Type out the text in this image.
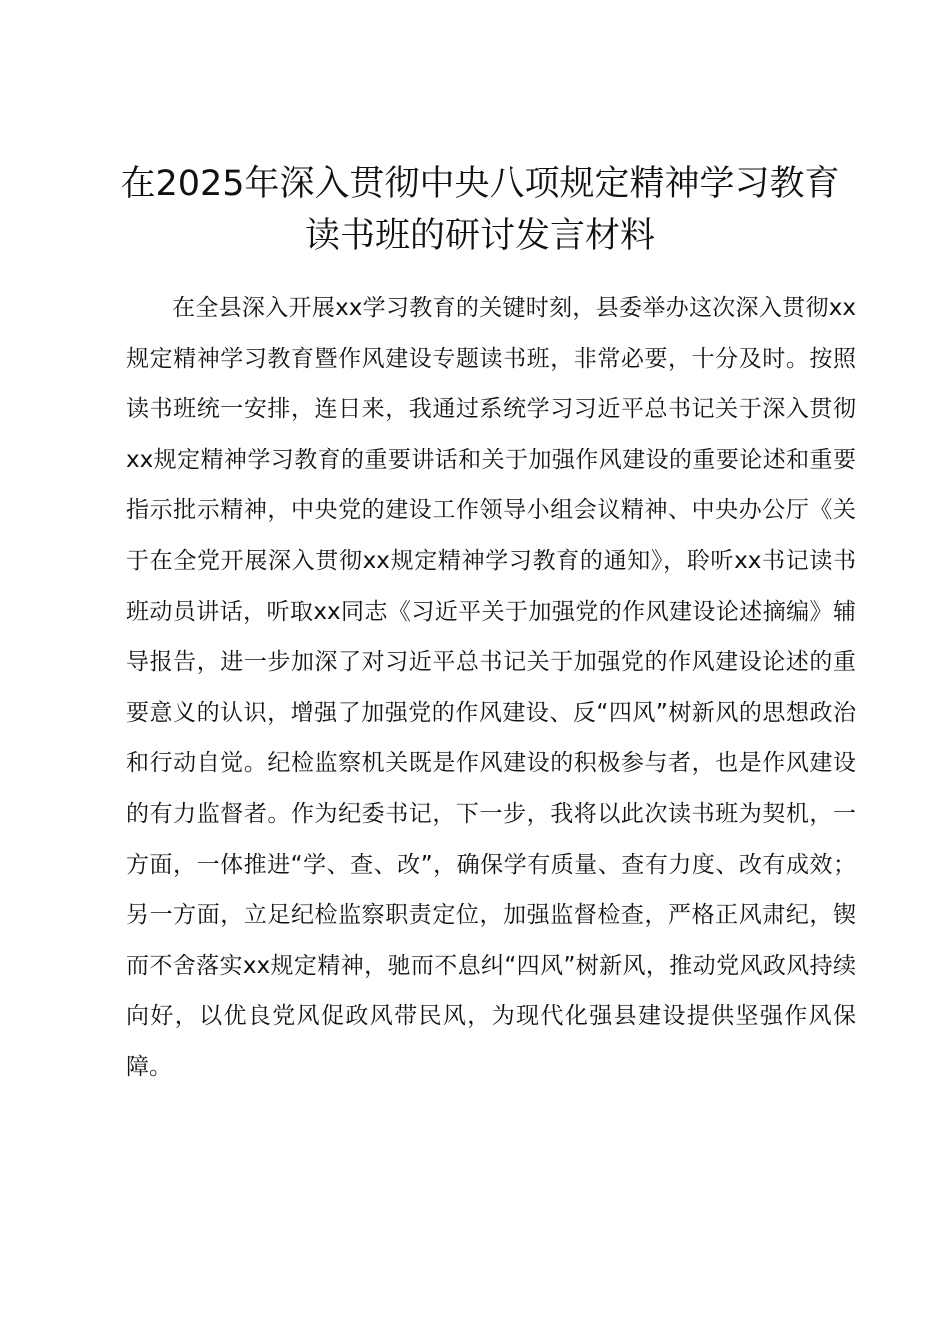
在2025年深入贯彻中央八项规定精神学习教育读书班的研讨发言材料

在全县深入开展xx学习教育的关键时刻，县委举办这次深入贯彻xx规定精神学习教育暨作风建设专题读书班，非常必要，十分及时。按照读书班统一安排，连日来，我通过系统学习习近平总书记关于深入贯彻xx规定精神学习教育的重要讲话和关于加强作风建设的重要论述和重要指示批示精神，中央党的建设工作领导小组会议精神、中央办公厅《关于在全党开展深入贯彻xx规定精神学习教育的通知》，聆听xx书记读书班动员讲话，听取xx同志《习近平关于加强党的作风建设论述摘编》辅导报告，进一步加深了对习近平总书记关于加强党的作风建设论述的重要意义的认识，增强了加强党的作风建设、反“四风”树新风的思想政治和行动自觉。纪检监察机关既是作风建设的积极参与者，也是作风建设的有力监督者。作为纪委书记，下一步，我将以此次读书班为契机，一方面，一体推进“学、查、改”，确保学有质量、查有力度、改有成效；另一方面，立足纪检监察职责定位，加强监督检查，严格正风肃纪，锲而不舍落实xx规定精神，驰而不息纠“四风”树新风，推动党风政风持续向好，以优良党风促政风带民风，为现代化强县建设提供坚强作风保障。
